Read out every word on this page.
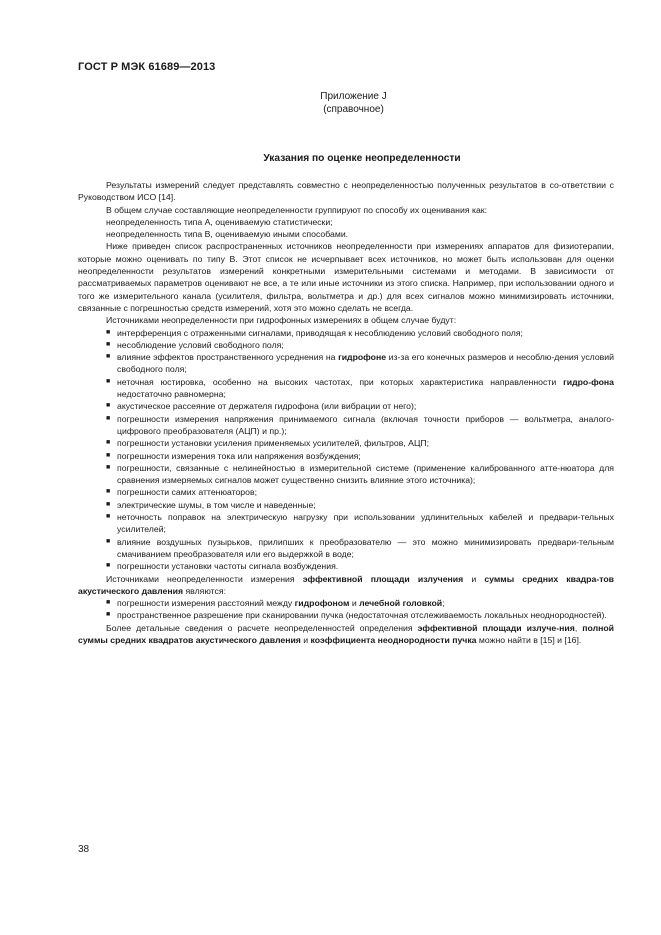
ГОСТ Р МЭК 61689—2013
Приложение J
(справочное)
Указания по оценке неопределенности

Результаты измерений следует представлять совместно с неопределенностью полученных результатов в со-ответствии с Руководством ИСО [14].

В общем случае составляющие неопределенности группируют по способу их оценивания как:

неопределенность типа А, оцениваемую статистически;

неопределенность типа В, оцениваемую иными способами.

Ниже приведен список распространенных источников неопределенности при измерениях аппаратов для физиотерапии, которые можно оценивать по типу В. Этот список не исчерпывает всех источников, но может быть использован для оценки неопределенности результатов измерений конкретными измерительными системами и методами. В зависимости от рассматриваемых параметров оценивают не все, а те или иные источники из этого списка. Например, при использовании одного и того же измерительного канала (усилителя, фильтра, вольтметра и др.) для всех сигналов можно минимизировать источники, связанные с погрешностью средств измерений, хотя это можно сделать не всегда.

Источниками неопределенности при гидрофонных измерениях в общем случае будут:

■ интерференция с отраженными сигналами, приводящая к несоблюдению условий свободного поля;
■ несоблюдение условий свободного поля;
■ влияние эффектов пространственного усреднения на гидрофоне из-за его конечных размеров и несоблю-дения условий свободного поля;
■ неточная юстировка, особенно на высоких частотах, при которых характеристика направленности гидро-фона недостаточно равномерна;
■ акустическое рассеяние от держателя гидрофона (или вибрации от него);
■ погрешности измерения напряжения принимаемого сигнала (включая точности приборов — вольтметра, аналого-цифрового преобразователя (АЦП) и пр.);
■ погрешности установки усиления применяемых усилителей, фильтров, АЦП;
■ погрешности измерения тока или напряжения возбуждения;
■ погрешности, связанные с нелинейностью в измерительной системе (применение калиброванного атте-нюатора для сравнения измеряемых сигналов может существенно снизить влияние этого источника);
■ погрешности самих аттенюаторов;
■ электрические шумы, в том числе и наведенные;
■ неточность поправок на электрическую нагрузку при использовании удлинительных кабелей и предвари-тельных усилителей;
■ влияние воздушных пузырьков, прилипших к преобразователю — это можно минимизировать предвари-тельным смачиванием преобразователя или его выдержкой в воде;
■ погрешности установки частоты сигнала возбуждения.

Источниками неопределенности измерения эффективной площади излучения и суммы средних квадра-тов акустического давления являются:

■ погрешности измерения расстояний между гидрофоном и лечебной головкой;
■ пространственное разрешение при сканировании пучка (недостаточная отслеживаемость локальных неоднородностей).

Более детальные сведения о расчете неопределенностей определения эффективной площади излуче-ния, полной суммы средних квадратов акустического давления и коэффициента неоднородности пучка можно найти в [15] и [16].

38
